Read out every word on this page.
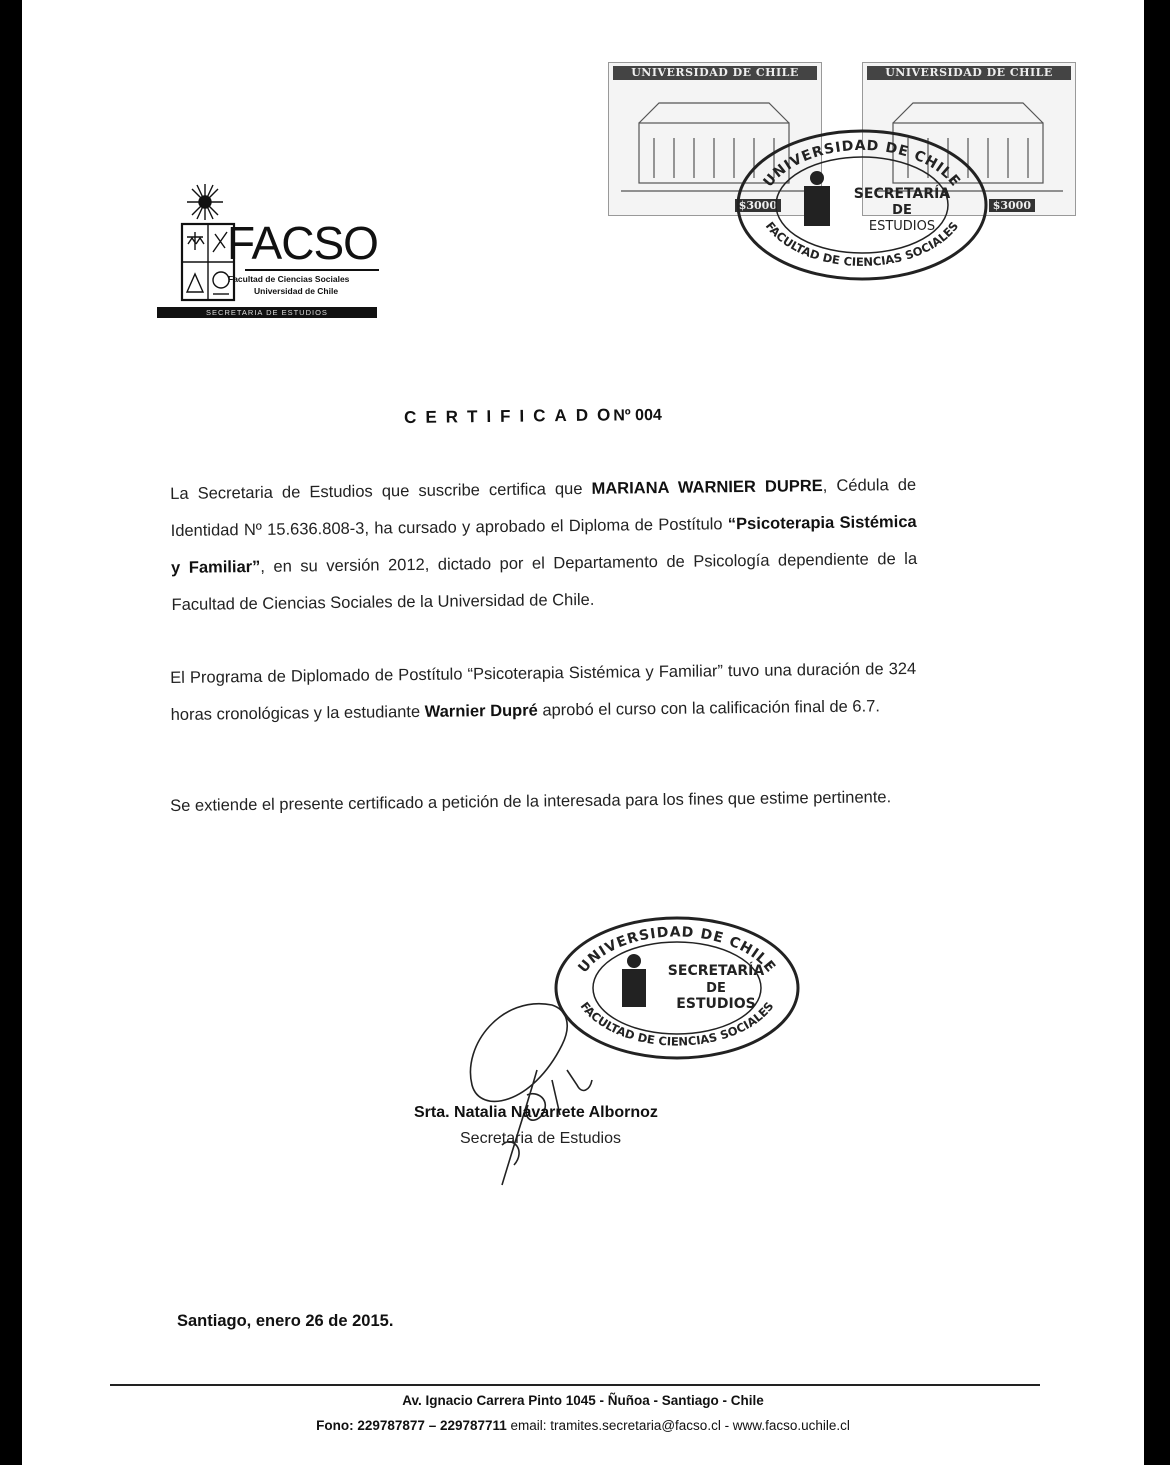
FACSO
Facultad de Ciencias Sociales
Universidad de Chile
SECRETARIA DE ESTUDIOS
UNIVERSIDAD DE CHILE
$3000
UNIVERSIDAD DE CHILE
$3000
UNIVERSIDAD DE CHILE
FACULTAD DE CIENCIAS SOCIALES
SECRETARÍA
DE
ESTUDIOS
CERTIFICADONº 004
La Secretaria de Estudios que suscribe certifica que MARIANA WARNIER DUPRE, Cédula de Identidad Nº 15.636.808-3, ha cursado y aprobado el Diploma de Postítulo “Psicoterapia Sistémica y Familiar”, en su versión 2012, dictado por el Departamento de Psicología dependiente de la Facultad de Ciencias Sociales de la Universidad de Chile.
El Programa de Diplomado de Postítulo “Psicoterapia Sistémica y Familiar” tuvo una duración de 324 horas cronológicas y la estudiante Warnier Dupré aprobó el curso con la calificación final de 6.7.
Se extiende el presente certificado a petición de la interesada para los fines que estime pertinente.
UNIVERSIDAD DE CHILE
FACULTAD DE CIENCIAS SOCIALES
SECRETARÍA
DE
ESTUDIOS
Srta. Natalia Navarrete Albornoz
Secretaria de Estudios
Santiago, enero 26 de 2015.
Av. Ignacio Carrera Pinto 1045 - Ñuñoa - Santiago - Chile
Fono: 229787877 – 229787711 email: tramites.secretaria@facso.cl - www.facso.uchile.cl
